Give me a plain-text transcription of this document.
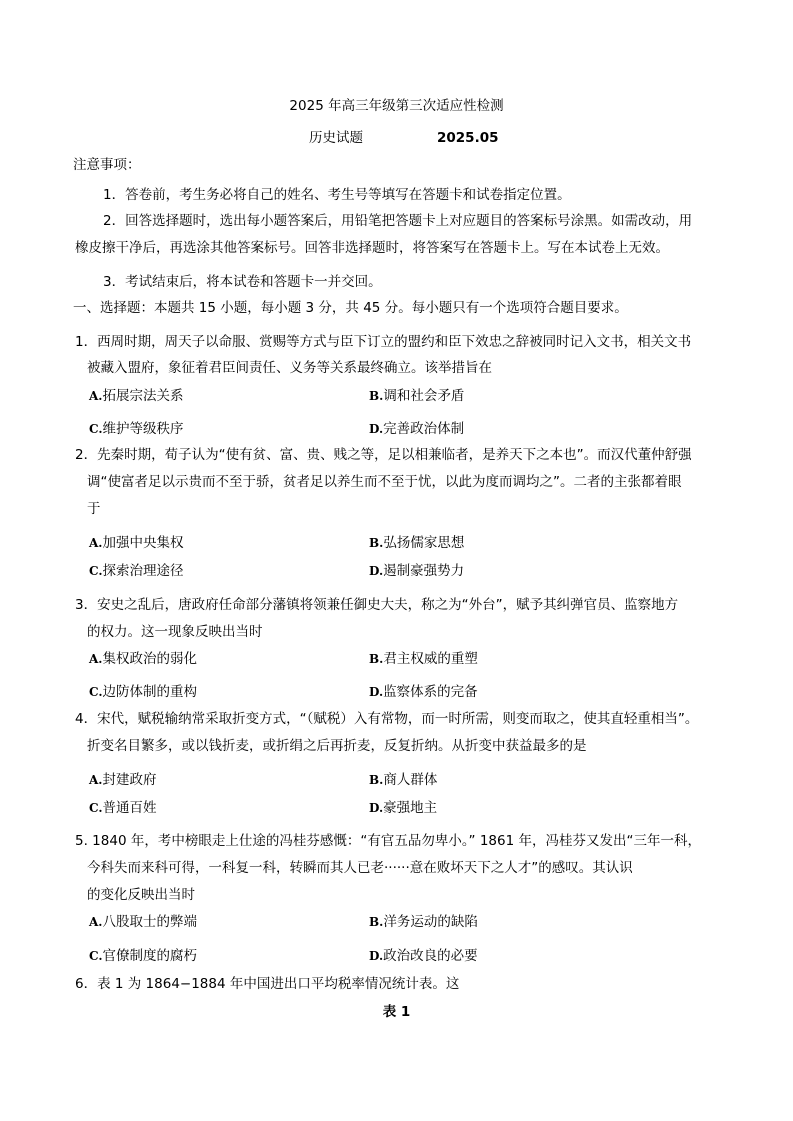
2025 年高三年级第三次适应性检测
历史试题	2025.05
注意事项：
1．答卷前，考生务必将自己的姓名、考生号等填写在答题卡和试卷指定位置。
2．回答选择题时，选出每小题答案后，用铅笔把答题卡上对应题目的答案标号涂黑。如需改动，用
橡皮擦干净后，再选涂其他答案标号。回答非选择题时，将答案写在答题卡上。写在本试卷上无效。
3．考试结束后，将本试卷和答题卡一并交回。
一、选择题：本题共 15 小题，每小题 3 分，共 45 分。每小题只有一个选项符合题目要求。
1．西周时期，周天子以命服、赏赐等方式与臣下订立的盟约和臣下效忠之辞被同时记入文书，相关文书
被藏入盟府，象征着君臣间责任、义务等关系最终确立。该举措旨在
A.拓展宗法关系	B.调和社会矛盾
C.维护等级秩序	D.完善政治体制
2．先秦时期，荀子认为“使有贫、富、贵、贱之等，足以相兼临者，是养天下之本也”。而汉代董仲舒强
调“使富者足以示贵而不至于骄，贫者足以养生而不至于忧，以此为度而调均之”。二者的主张都着眼
于
A.加强中央集权	B.弘扬儒家思想
C.探索治理途径	D.遏制豪强势力
3．安史之乱后，唐政府任命部分藩镇将领兼任御史大夫，称之为“外台”，赋予其纠弹官员、监察地方
的权力。这一现象反映出当时
A.集权政治的弱化	B.君主权威的重塑
C.边防体制的重构	D.监察体系的完备
4．宋代，赋税输纳常采取折变方式，“（赋税）入有常物，而一时所需，则变而取之，使其直轻重相当”。
折变名目繁多，或以钱折麦，或折绢之后再折麦，反复折纳。从折变中获益最多的是
A.封建政府	B.商人群体
C.普通百姓	D.豪强地主
5. 1840 年，考中榜眼走上仕途的冯桂芬感慨：“有官五品勿卑小。” 1861 年，冯桂芬又发出“三年一科，
今科失而来科可得，一科复一科，转瞬而其人已老······意在败坏天下之人才”的感叹。其认识
的变化反映出当时
A.八股取士的弊端	B.洋务运动的缺陷
C.官僚制度的腐朽	D.政治改良的必要
6．表 1 为 1864−1884 年中国进出口平均税率情况统计表。这
表 1
